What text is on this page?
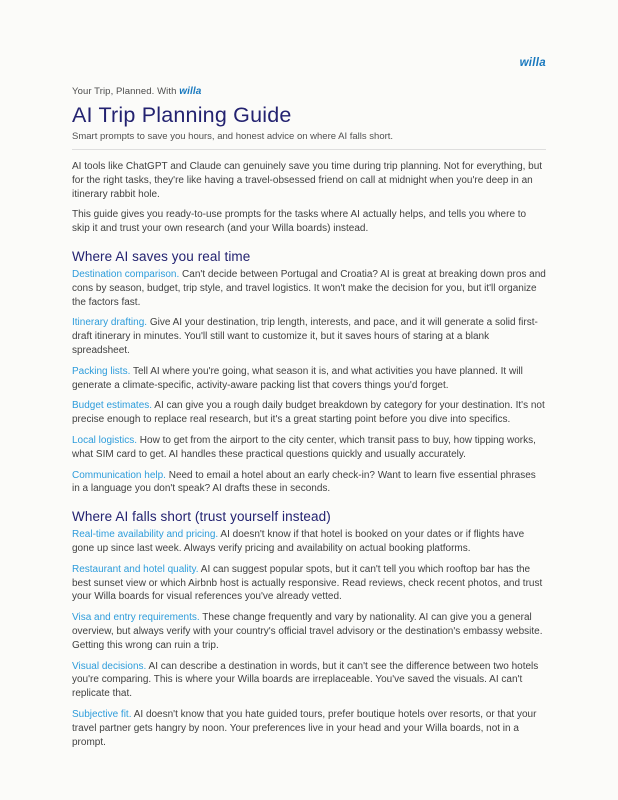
willa
Your Trip, Planned. With willa
AI Trip Planning Guide

Smart prompts to save you hours, and honest advice on where AI falls short.

AI tools like ChatGPT and Claude can genuinely save you time during trip planning. Not for everything, but for the right tasks, they're like having a travel-obsessed friend on call at midnight when you're deep in an itinerary rabbit hole.

This guide gives you ready-to-use prompts for the tasks where AI actually helps, and tells you where to skip it and trust your own research (and your Willa boards) instead.

Where AI saves you real time

Destination comparison. Can't decide between Portugal and Croatia? AI is great at breaking down pros and cons by season, budget, trip style, and travel logistics. It won't make the decision for you, but it'll organize the factors fast.

Itinerary drafting. Give AI your destination, trip length, interests, and pace, and it will generate a solid first-draft itinerary in minutes. You'll still want to customize it, but it saves hours of staring at a blank spreadsheet.

Packing lists. Tell AI where you're going, what season it is, and what activities you have planned. It will generate a climate-specific, activity-aware packing list that covers things you'd forget.

Budget estimates. AI can give you a rough daily budget breakdown by category for your destination. It's not precise enough to replace real research, but it's a great starting point before you dive into specifics.

Local logistics. How to get from the airport to the city center, which transit pass to buy, how tipping works, what SIM card to get. AI handles these practical questions quickly and usually accurately.

Communication help. Need to email a hotel about an early check-in? Want to learn five essential phrases in a language you don't speak? AI drafts these in seconds.

Where AI falls short (trust yourself instead)

Real-time availability and pricing. AI doesn't know if that hotel is booked on your dates or if flights have gone up since last week. Always verify pricing and availability on actual booking platforms.

Restaurant and hotel quality. AI can suggest popular spots, but it can't tell you which rooftop bar has the best sunset view or which Airbnb host is actually responsive. Read reviews, check recent photos, and trust your Willa boards for visual references you've already vetted.

Visa and entry requirements. These change frequently and vary by nationality. AI can give you a general overview, but always verify with your country's official travel advisory or the destination's embassy website. Getting this wrong can ruin a trip.

Visual decisions. AI can describe a destination in words, but it can't see the difference between two hotels you're comparing. This is where your Willa boards are irreplaceable. You've saved the visuals. AI can't replicate that.

Subjective fit. AI doesn't know that you hate guided tours, prefer boutique hotels over resorts, or that your travel partner gets hangry by noon. Your preferences live in your head and your Willa boards, not in a prompt.
